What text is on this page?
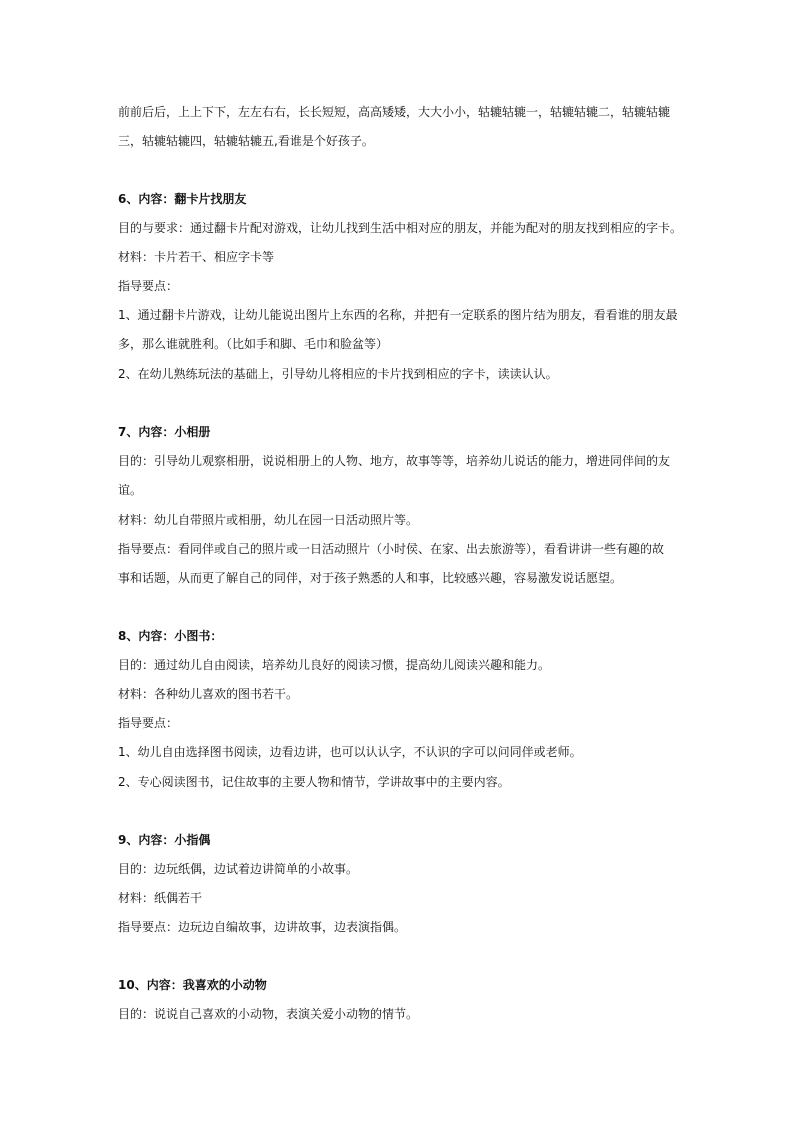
前前后后，上上下下，左左右右，长长短短，高高矮矮，大大小小，轱辘轱辘一，轱辘轱辘二，轱辘轱辘
三，轱辘轱辘四，轱辘轱辘五,看谁是个好孩子。
6、内容：翻卡片找朋友
目的与要求：通过翻卡片配对游戏，让幼儿找到生活中相对应的朋友，并能为配对的朋友找到相应的字卡。
材料：卡片若干、相应字卡等
指导要点：
1、通过翻卡片游戏，让幼儿能说出图片上东西的名称，并把有一定联系的图片结为朋友，看看谁的朋友最
多，那么谁就胜利。（比如手和脚、毛巾和脸盆等）
2、在幼儿熟练玩法的基础上，引导幼儿将相应的卡片找到相应的字卡，读读认认。
7、内容：小相册
目的：引导幼儿观察相册，说说相册上的人物、地方，故事等等，培养幼儿说话的能力，增进同伴间的友
谊。
材料：幼儿自带照片或相册，幼儿在园一日活动照片等。
指导要点：看同伴或自己的照片或一日活动照片（小时侯、在家、出去旅游等），看看讲讲一些有趣的故
事和话题，从而更了解自己的同伴，对于孩子熟悉的人和事，比较感兴趣，容易激发说话愿望。
8、内容：小图书：
目的：通过幼儿自由阅读，培养幼儿良好的阅读习惯，提高幼儿阅读兴趣和能力。
材料：各种幼儿喜欢的图书若干。
指导要点：
1、幼儿自由选择图书阅读，边看边讲，也可以认认字，不认识的字可以问同伴或老师。
2、专心阅读图书，记住故事的主要人物和情节，学讲故事中的主要内容。
9、内容：小指偶
目的：边玩纸偶，边试着边讲简单的小故事。
材料：纸偶若干
指导要点：边玩边自编故事，边讲故事，边表演指偶。
10、内容：我喜欢的小动物
目的：说说自己喜欢的小动物，表演关爱小动物的情节。
